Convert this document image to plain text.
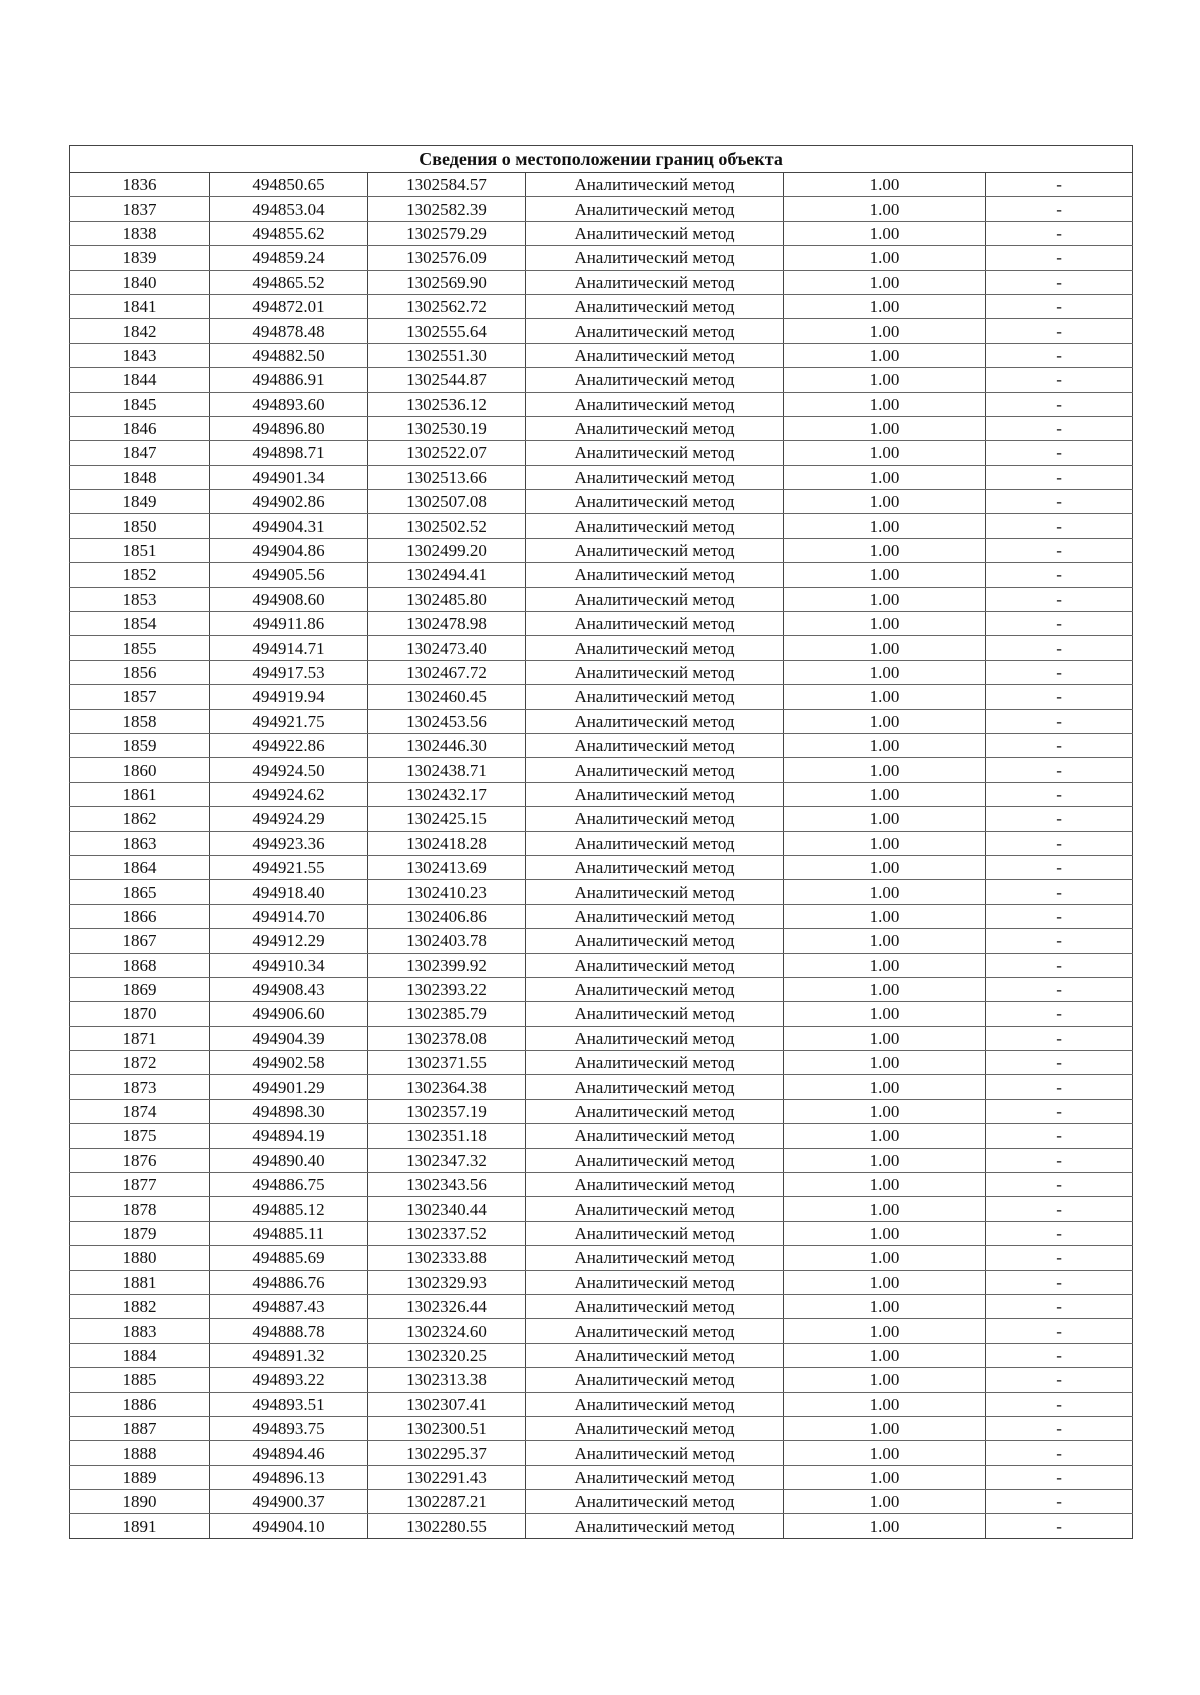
Сведения о местоположении границ объекта					
1836	494850.65	1302584.57	Аналитический метод	1.00	-
1837	494853.04	1302582.39	Аналитический метод	1.00	-
1838	494855.62	1302579.29	Аналитический метод	1.00	-
1839	494859.24	1302576.09	Аналитический метод	1.00	-
1840	494865.52	1302569.90	Аналитический метод	1.00	-
1841	494872.01	1302562.72	Аналитический метод	1.00	-
1842	494878.48	1302555.64	Аналитический метод	1.00	-
1843	494882.50	1302551.30	Аналитический метод	1.00	-
1844	494886.91	1302544.87	Аналитический метод	1.00	-
1845	494893.60	1302536.12	Аналитический метод	1.00	-
1846	494896.80	1302530.19	Аналитический метод	1.00	-
1847	494898.71	1302522.07	Аналитический метод	1.00	-
1848	494901.34	1302513.66	Аналитический метод	1.00	-
1849	494902.86	1302507.08	Аналитический метод	1.00	-
1850	494904.31	1302502.52	Аналитический метод	1.00	-
1851	494904.86	1302499.20	Аналитический метод	1.00	-
1852	494905.56	1302494.41	Аналитический метод	1.00	-
1853	494908.60	1302485.80	Аналитический метод	1.00	-
1854	494911.86	1302478.98	Аналитический метод	1.00	-
1855	494914.71	1302473.40	Аналитический метод	1.00	-
1856	494917.53	1302467.72	Аналитический метод	1.00	-
1857	494919.94	1302460.45	Аналитический метод	1.00	-
1858	494921.75	1302453.56	Аналитический метод	1.00	-
1859	494922.86	1302446.30	Аналитический метод	1.00	-
1860	494924.50	1302438.71	Аналитический метод	1.00	-
1861	494924.62	1302432.17	Аналитический метод	1.00	-
1862	494924.29	1302425.15	Аналитический метод	1.00	-
1863	494923.36	1302418.28	Аналитический метод	1.00	-
1864	494921.55	1302413.69	Аналитический метод	1.00	-
1865	494918.40	1302410.23	Аналитический метод	1.00	-
1866	494914.70	1302406.86	Аналитический метод	1.00	-
1867	494912.29	1302403.78	Аналитический метод	1.00	-
1868	494910.34	1302399.92	Аналитический метод	1.00	-
1869	494908.43	1302393.22	Аналитический метод	1.00	-
1870	494906.60	1302385.79	Аналитический метод	1.00	-
1871	494904.39	1302378.08	Аналитический метод	1.00	-
1872	494902.58	1302371.55	Аналитический метод	1.00	-
1873	494901.29	1302364.38	Аналитический метод	1.00	-
1874	494898.30	1302357.19	Аналитический метод	1.00	-
1875	494894.19	1302351.18	Аналитический метод	1.00	-
1876	494890.40	1302347.32	Аналитический метод	1.00	-
1877	494886.75	1302343.56	Аналитический метод	1.00	-
1878	494885.12	1302340.44	Аналитический метод	1.00	-
1879	494885.11	1302337.52	Аналитический метод	1.00	-
1880	494885.69	1302333.88	Аналитический метод	1.00	-
1881	494886.76	1302329.93	Аналитический метод	1.00	-
1882	494887.43	1302326.44	Аналитический метод	1.00	-
1883	494888.78	1302324.60	Аналитический метод	1.00	-
1884	494891.32	1302320.25	Аналитический метод	1.00	-
1885	494893.22	1302313.38	Аналитический метод	1.00	-
1886	494893.51	1302307.41	Аналитический метод	1.00	-
1887	494893.75	1302300.51	Аналитический метод	1.00	-
1888	494894.46	1302295.37	Аналитический метод	1.00	-
1889	494896.13	1302291.43	Аналитический метод	1.00	-
1890	494900.37	1302287.21	Аналитический метод	1.00	-
1891	494904.10	1302280.55	Аналитический метод	1.00	-
